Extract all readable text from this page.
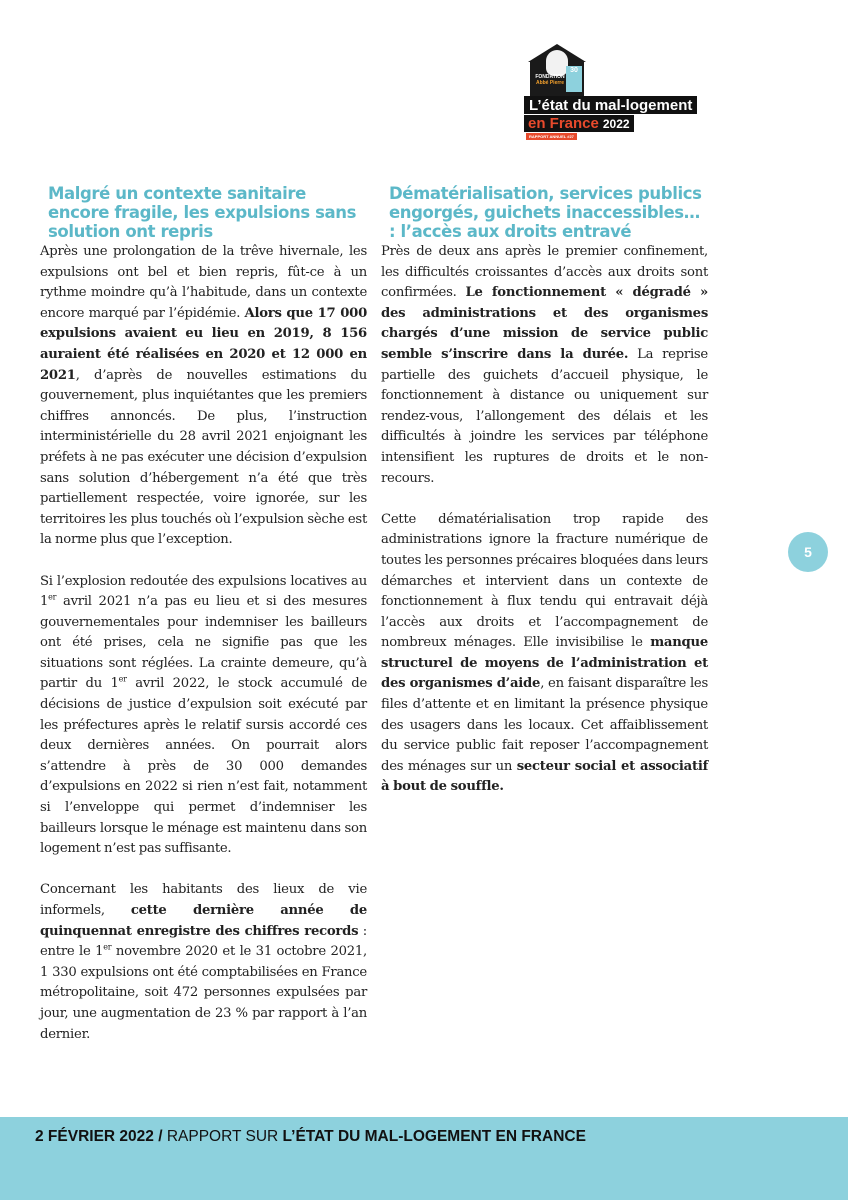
FONDATION
Abbé Pierre
30
L’état du mal-logement
en France 2022
RAPPORT ANNUEL #27
Malgré un contexte sanitaire encore fragile, les expulsions sans solution ont repris

Après une prolongation de la trêve hivernale, les expulsions ont bel et bien repris, fût-ce à un rythme moindre qu’à l’habitude, dans un contexte encore marqué par l’épidémie. Alors que 17 000 expulsions avaient eu lieu en 2019, 8 156 auraient été réalisées en 2020 et 12 000 en 2021, d’après de nouvelles estimations du gouvernement, plus inquiétantes que les premiers chiffres annoncés. De plus, l’instruction interministérielle du 28 avril 2021 enjoignant les préfets à ne pas exécuter une décision d’expulsion sans solution d’hébergement n’a été que très partiellement respectée, voire ignorée, sur les territoires les plus touchés où l’expulsion sèche est la norme plus que l’exception.

Si l’explosion redoutée des expulsions locatives au 1er avril 2021 n’a pas eu lieu et si des mesures gouvernementales pour indemniser les bailleurs ont été prises, cela ne signifie pas que les situations sont réglées. La crainte demeure, qu’à partir du 1er avril 2022, le stock accumulé de décisions de justice d’expulsion soit exécuté par les préfectures après le relatif sursis accordé ces deux dernières années. On pourrait alors s’attendre à près de 30 000 demandes d’expulsions en 2022 si rien n’est fait, notamment si l’enveloppe qui permet d’indemniser les bailleurs lorsque le ménage est maintenu dans son logement n’est pas suffisante.

Concernant les habitants des lieux de vie informels, cette dernière année de quinquennat enregistre des chiffres records : entre le 1er novembre 2020 et le 31 octobre 2021, 1 330 expulsions ont été comptabilisées en France métropolitaine, soit 472 personnes expulsées par jour, une augmentation de 23 % par rapport à l’an dernier.

Dématérialisation, services publics engorgés, guichets inaccessibles… : l’accès aux droits entravé

Près de deux ans après le premier confinement, les difficultés croissantes d’accès aux droits sont confirmées. Le fonctionnement « dégradé » des administrations et des organismes chargés d’une mission de service public semble s’inscrire dans la durée. La reprise partielle des guichets d’accueil physique, le fonctionnement à distance ou uniquement sur rendez-vous, l’allongement des délais et les difficultés à joindre les services par téléphone intensifient les ruptures de droits et le non-recours.

Cette dématérialisation trop rapide des administrations ignore la fracture numérique de toutes les personnes précaires bloquées dans leurs démarches et intervient dans un contexte de fonctionnement à flux tendu qui entravait déjà l’accès aux droits et l’accompagnement de nombreux ménages. Elle invisibilise le manque structurel de moyens de l’administration et des organismes d’aide, en faisant disparaître les files d’attente et en limitant la présence physique des usagers dans les locaux. Cet affaiblissement du service public fait reposer l’accompagnement des ménages sur un secteur social et associatif à bout de souffle.

5
2 FÉVRIER 2022 / RAPPORT SUR L’ÉTAT DU MAL-LOGEMENT EN FRANCE
